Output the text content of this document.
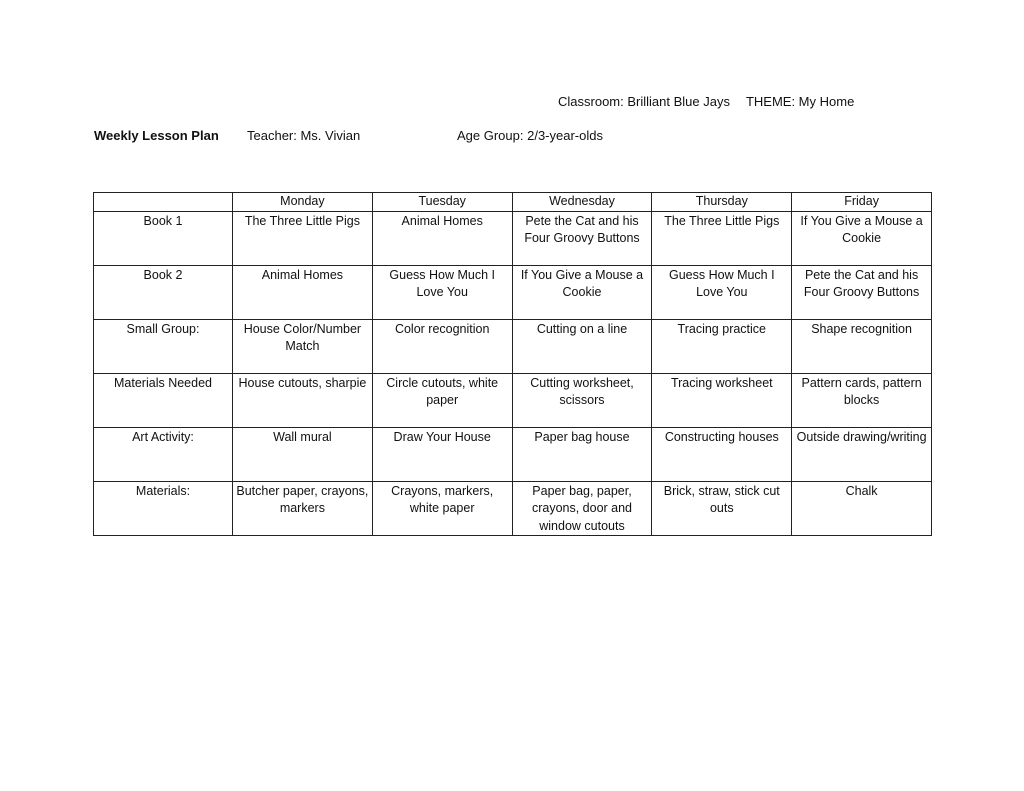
Classroom: Brilliant Blue Jays THEME: My Home
Weekly Lesson Plan Teacher: Ms. Vivian	Age Group: 2/3-year-olds
	Monday	Tuesday	Wednesday	Thursday	Friday
Book 1	The Three Little Pigs	Animal Homes	Pete the Cat and his Four Groovy Buttons	The Three Little Pigs	If You Give a Mouse a Cookie
Book 2	Animal Homes	Guess How Much I Love You	If You Give a Mouse a Cookie	Guess How Much I Love You	Pete the Cat and his Four Groovy Buttons
Small Group:	House Color/Number Match	Color recognition	Cutting on a line	Tracing practice	Shape recognition
Materials Needed	House cutouts, sharpie	Circle cutouts, white paper	Cutting worksheet, scissors	Tracing worksheet	Pattern cards, pattern blocks
Art Activity:	Wall mural	Draw Your House	Paper bag house	Constructing houses	Outside drawing/writing
Materials:	Butcher paper, crayons, markers	Crayons, markers, white paper	Paper bag, paper, crayons, door and window cutouts	Brick, straw, stick cut outs	Chalk
